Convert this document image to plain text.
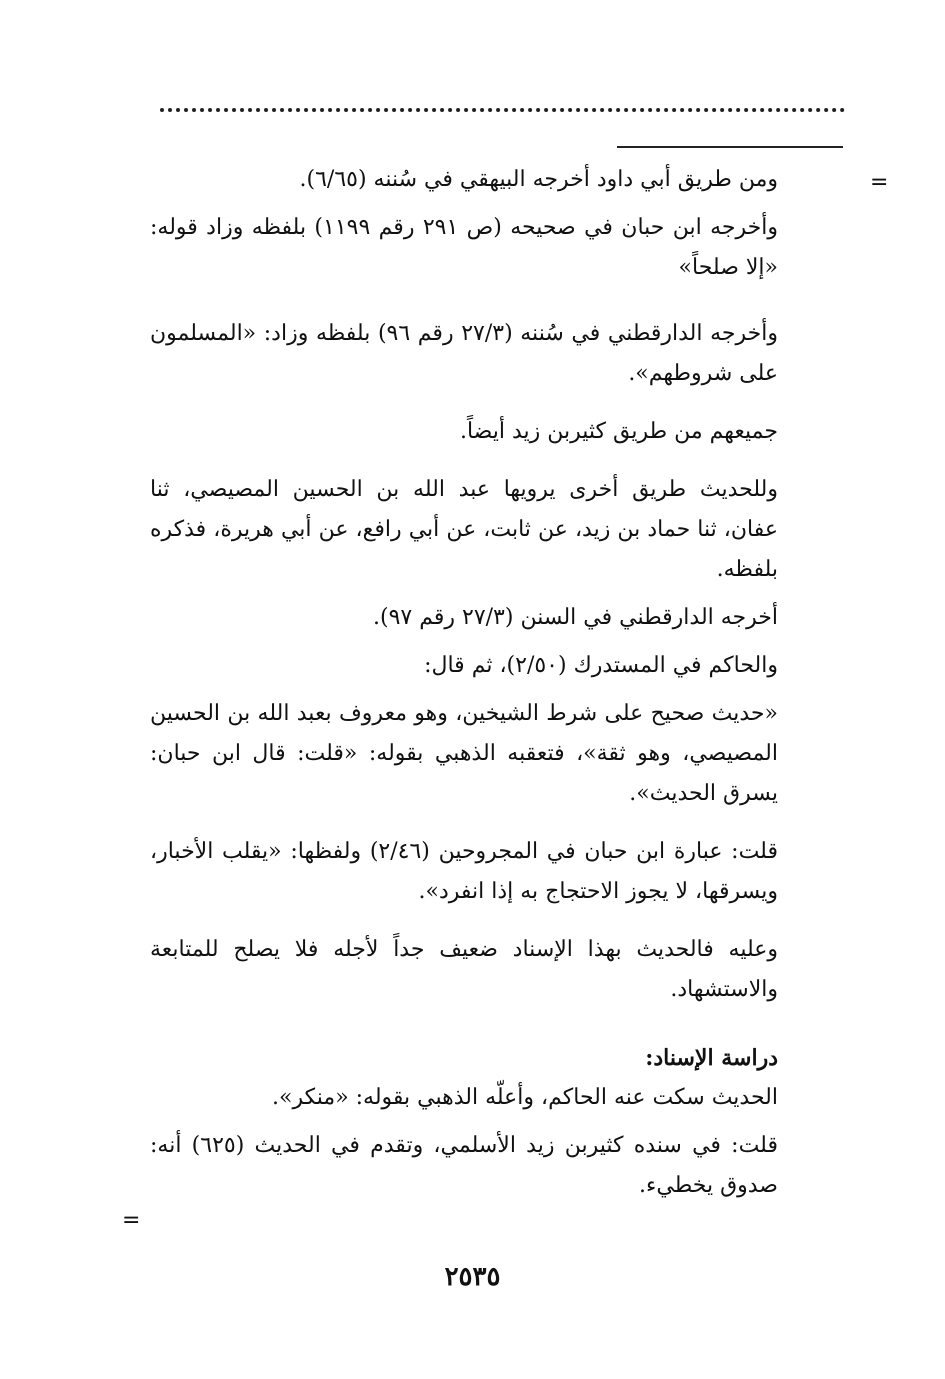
=
=

ومن طريق أبي داود أخرجه البيهقي في سُننه (٦/٦٥).

وأخرجه ابن حبان في صحيحه (ص ٢٩١ رقم ١١٩٩) بلفظه وزاد قوله: «إلا صلحاً»

وأخرجه الدارقطني في سُننه (٢٧/٣ رقم ٩٦) بلفظه وزاد: «المسلمون على شروطهم».

جميعهم من طريق كثيربن زيد أيضاً.

وللحديث طريق أخرى يرويها عبد الله بن الحسين المصيصي، ثنا عفان، ثنا حماد بن زيد، عن ثابت، عن أبي رافع، عن أبي هريرة، فذكره بلفظه.

أخرجه الدارقطني في السنن (٢٧/٣ رقم ٩٧).

والحاكم في المستدرك (٢/٥٠)، ثم قال:

«حديث صحيح على شرط الشيخين، وهو معروف بعبد الله بن الحسين المصيصي، وهو ثقة»، فتعقبه الذهبي بقوله: «قلت: قال ابن حبان: يسرق الحديث».

قلت: عبارة ابن حبان في المجروحين (٢/٤٦) ولفظها: «يقلب الأخبار، ويسرقها، لا يجوز الاحتجاج به إذا انفرد».

وعليه فالحديث بهذا الإسناد ضعيف جداً لأجله فلا يصلح للمتابعة والاستشهاد.

دراسة الإسناد:

الحديث سكت عنه الحاكم، وأعلّه الذهبي بقوله: «منكر».

قلت: في سنده كثيربن زيد الأسلمي، وتقدم في الحديث (٦٢٥) أنه: صدوق يخطيء.

٢٥٣٥
